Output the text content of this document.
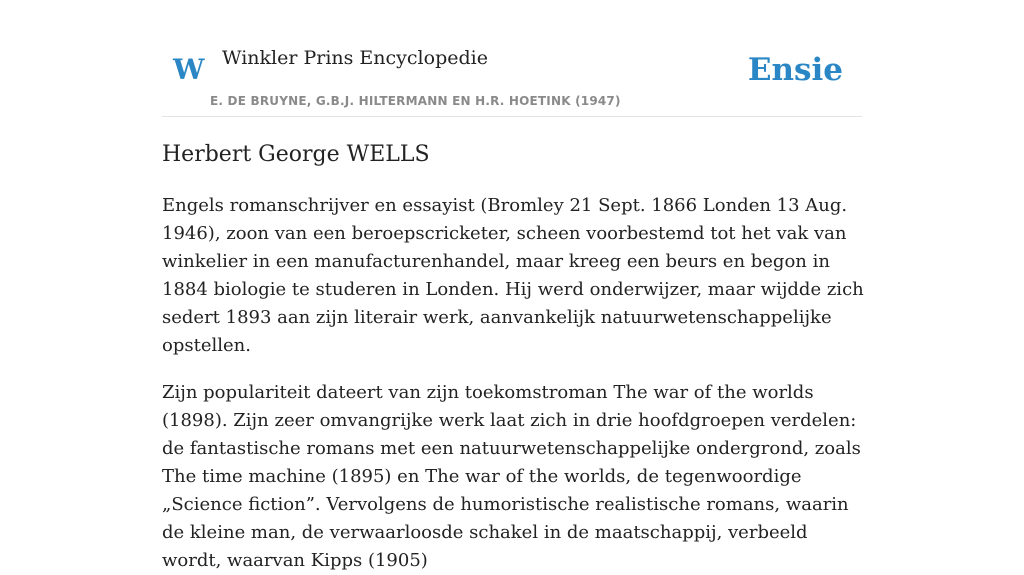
W Winkler Prins Encyclopedie
E. DE BRUYNE, G.B.J. HILTERMANN EN H.R. HOETINK (1947)
Ensie
Herbert George WELLS

Engels romanschrijver en essayist (Bromley 21 Sept. 1866 Londen 13 Aug. 1946), zoon van een beroepscricketer, scheen voorbestemd tot het vak van winkelier in een manufacturenhandel, maar kreeg een beurs en begon in 1884 biologie te studeren in Londen. Hij werd onderwijzer, maar wijdde zich sedert 1893 aan zijn literair werk, aanvankelijk natuurwetenschappelijke opstellen.

Zijn populariteit dateert van zijn toekomstroman The war of the worlds (1898). Zijn zeer omvangrijke werk laat zich in drie hoofdgroepen verdelen: de fantastische romans met een natuurwetenschappelijke ondergrond, zoals The time machine (1895) en The war of the worlds, de tegenwoordige „Science fiction”. Vervolgens de humoristische realistische romans, waarin de kleine man, de verwaarloosde schakel in de maatschappij, verbeeld wordt, waarvan Kipps (1905)
